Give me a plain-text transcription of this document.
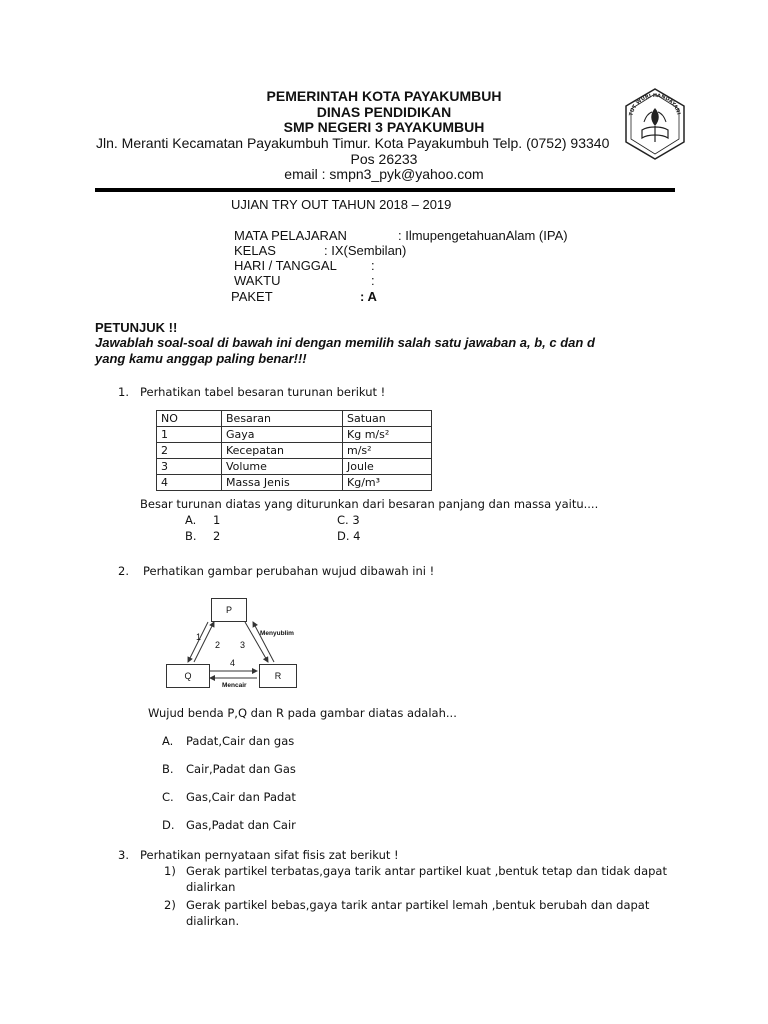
PEMERINTAH KOTA PAYAKUMBUH
DINAS PENDIDIKAN
SMP NEGERI 3 PAYAKUMBUH
Jln. Meranti Kecamatan Payakumbuh Timur. Kota Payakumbuh Telp. (0752) 93340
Pos 26233
email : smpn3_pyk@yahoo.com
TUT WURI HANDAYANI
UJIAN TRY OUT TAHUN 2018 – 2019
MATA PELAJARAN	: IlmupengetahuanAlam (IPA)
KELAS	: IX(Sembilan)
HARI / TANGGAL	:
WAKTU	:
PAKET	: A
PETUNJUK !!
Jawablah soal-soal di bawah ini dengan memilih salah satu jawaban a, b, c dan d
yang kamu anggap paling benar!!!
1. Perhatikan tabel besaran turunan berikut !
NO	Besaran	Satuan
1	Gaya	Kg m/s²
2	Kecepatan	m/s²
3	Volume	Joule
4	Massa Jenis	Kg/m³
Besar turunan diatas yang diturunkan dari besaran panjang dan massa yaitu....
A. 1	C. 3
B. 2	D. 4
2. Perhatikan gambar perubahan wujud dibawah ini !
P
Q	R
1
2 3
4
Menyublim
Mencair
Wujud benda P,Q dan R pada gambar diatas adalah...
A. Padat,Cair dan gas
B. Cair,Padat dan Gas
C. Gas,Cair dan Padat
D. Gas,Padat dan Cair
3. Perhatikan pernyataan sifat fisis zat berikut !
1) Gerak partikel terbatas,gaya tarik antar partikel kuat ,bentuk tetap dan tidak dapat
dialirkan
2) Gerak partikel bebas,gaya tarik antar partikel lemah ,bentuk berubah dan dapat
dialirkan.
